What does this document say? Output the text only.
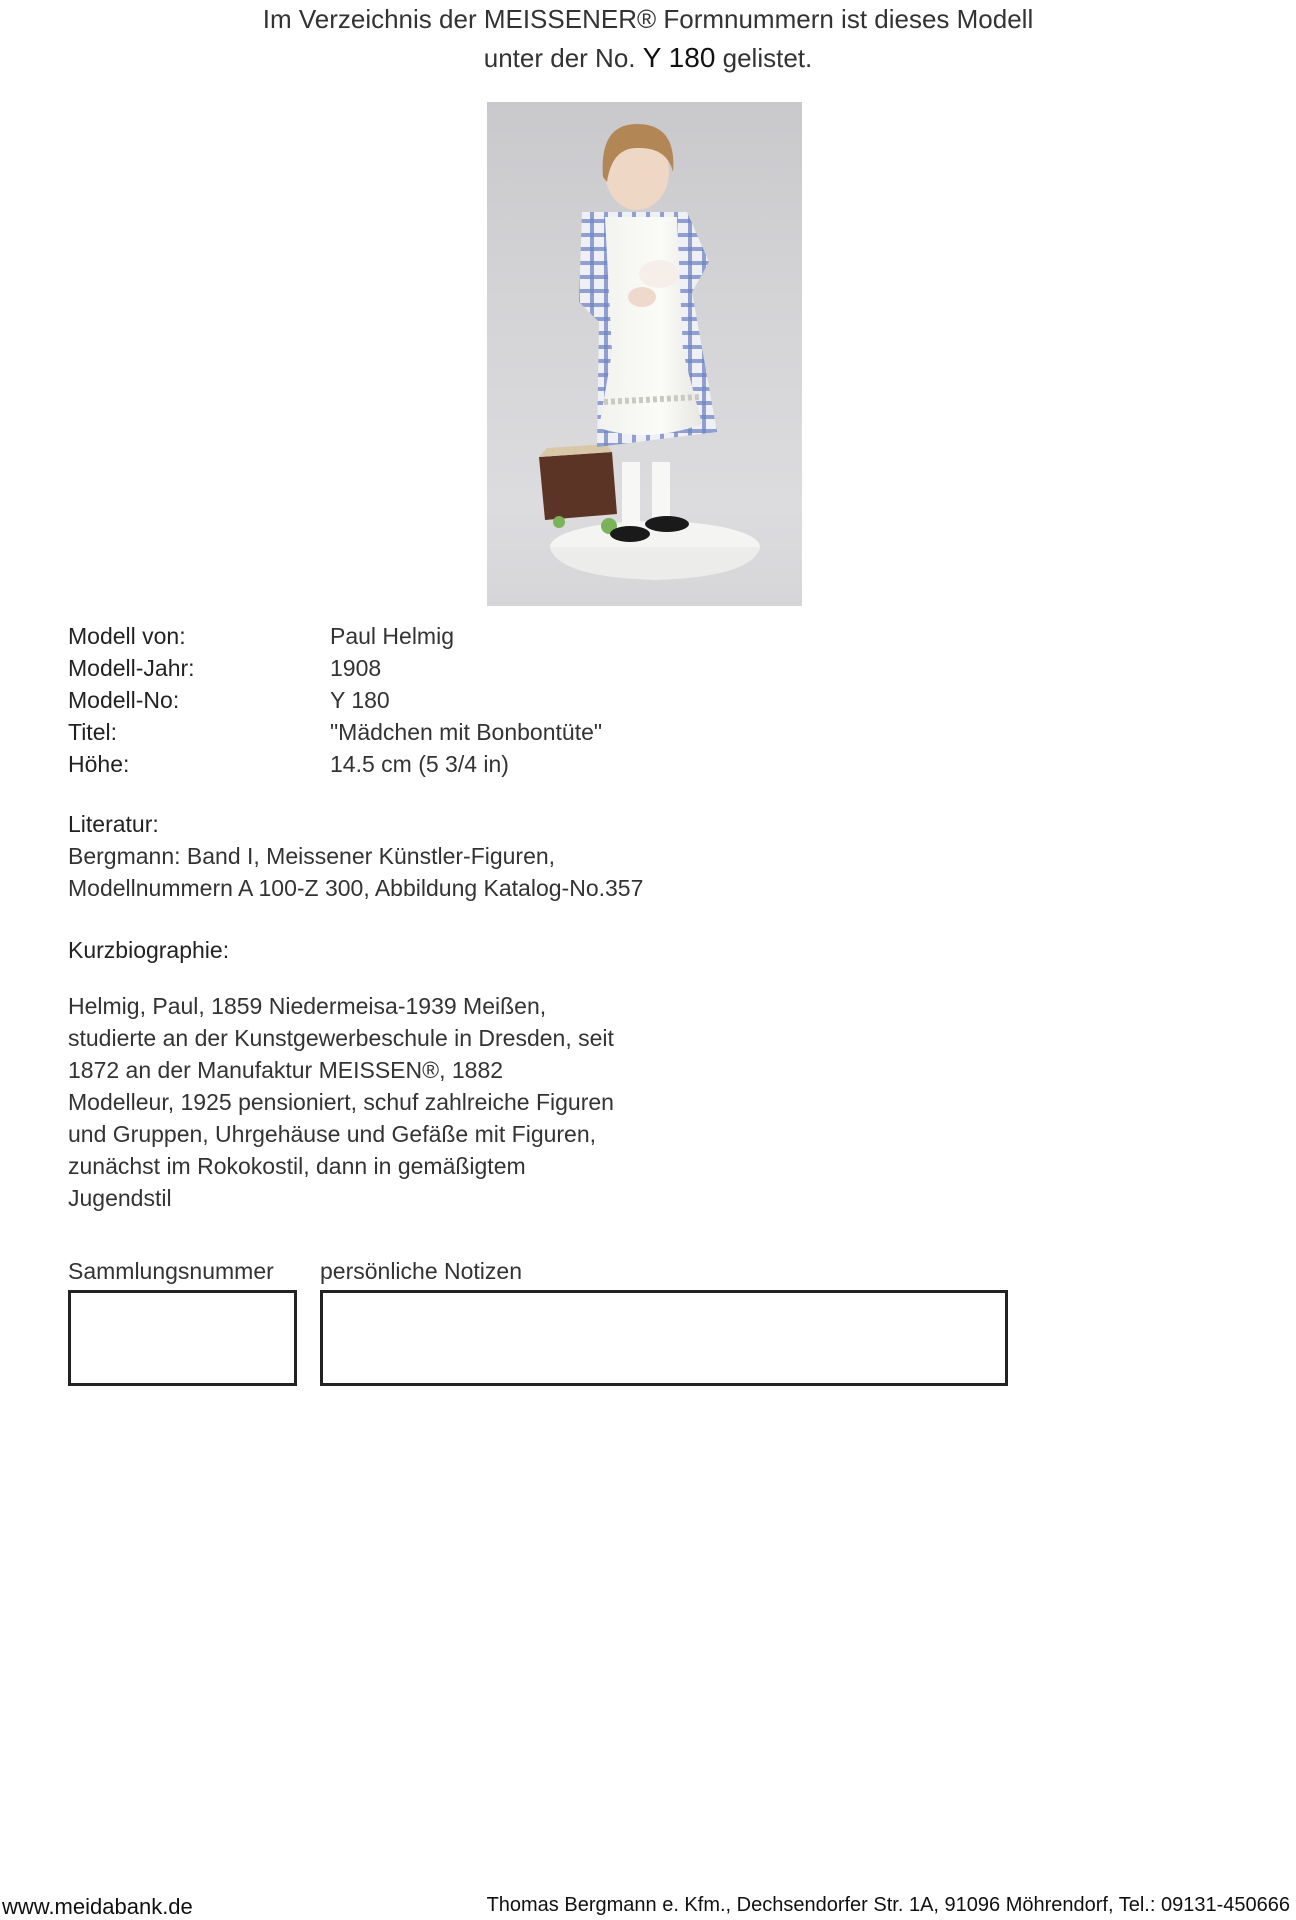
Im Verzeichnis der MEISSENER® Formnummern ist dieses Modell
unter der No. Y 180 gelistet.
Modell von:	Paul Helmig
Modell-Jahr:	1908
Modell-No:	Y 180
Titel:	"Mädchen mit Bonbontüte"
Höhe:	14.5 cm (5 3/4 in)
Literatur:
Bergmann: Band I, Meissener Künstler-Figuren,
Modellnummern A 100-Z 300, Abbildung Katalog-No.357
Kurzbiographie:
Helmig, Paul, 1859 Niedermeisa-1939 Meißen,
studierte an der Kunstgewerbeschule in Dresden, seit
1872 an der Manufaktur MEISSEN®, 1882
Modelleur, 1925 pensioniert, schuf zahlreiche Figuren
und Gruppen, Uhrgehäuse und Gefäße mit Figuren,
zunächst im Rokokostil, dann in gemäßigtem
Jugendstil
Sammlungsnummer persönliche Notizen
www.meidabank.de	Thomas Bergmann e. Kfm., Dechsendorfer Str. 1A, 91096 Möhrendorf, Tel.: 09131-450666
